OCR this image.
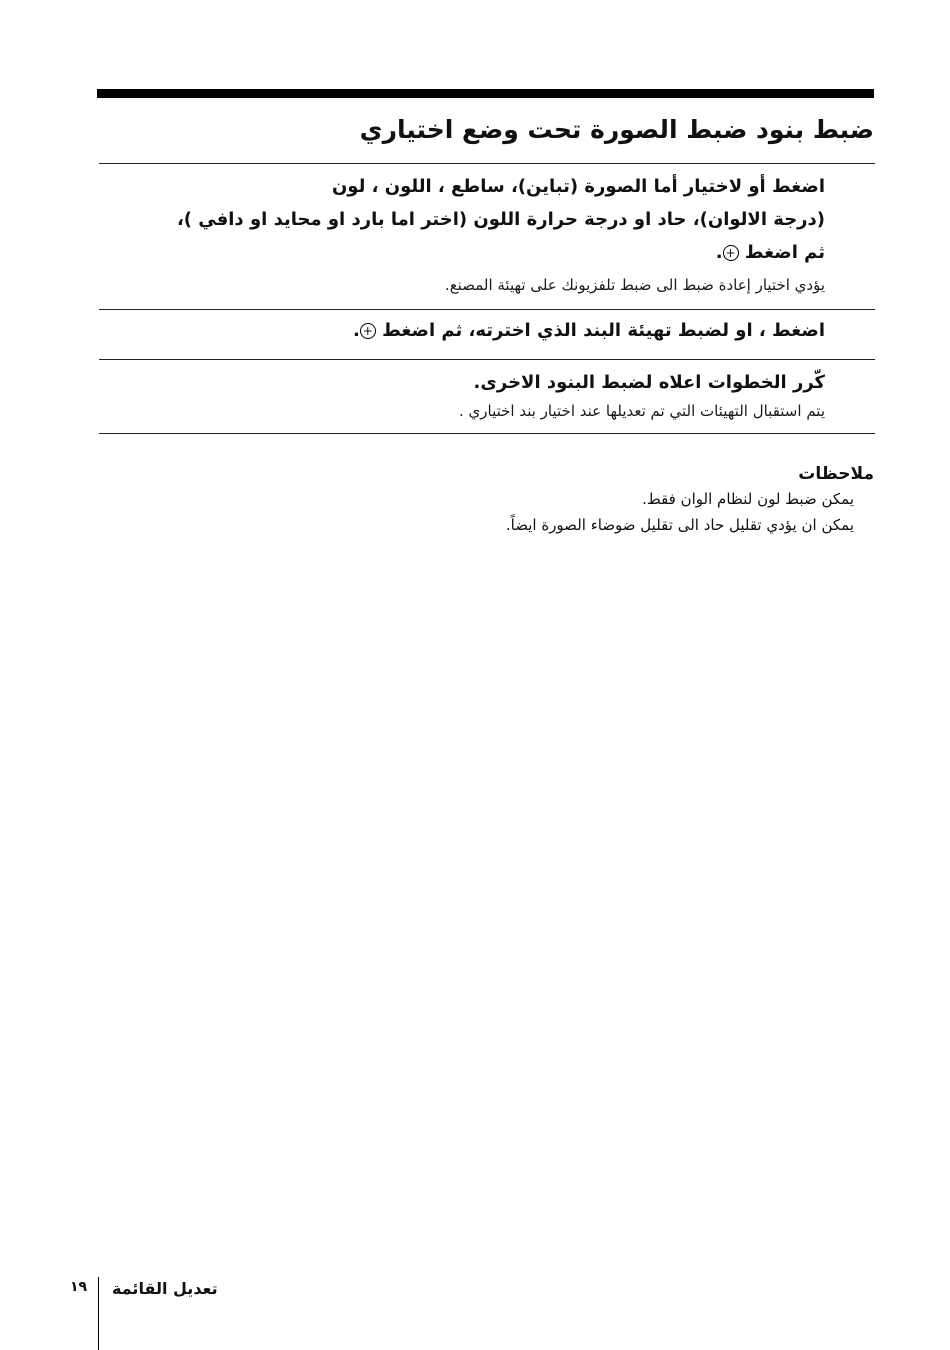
ضبط بنود ضبط الصورة تحت وضع اختياري
اضغط أو لاختيار أما الصورة (تباين)، ساطع ، اللون ، لون
(درجة الالوان)، حاد او درجة حرارة اللون (اختر اما بارد او محايد او دافي )،
ثم اضغط +.
يؤدي اختيار إعادة ضبط الى ضبط تلفزيونك على تهيئة المصنع.
اضغط ، او لضبط تهيئة البند الذي اخترته، ثم اضغط +.
كّرر الخطوات اعلاه لضبط البنود الاخرى.
يتم استقبال التهيئات التي تم تعديلها عند اختيار بند اختياري .
ملاحظات
يمكن ضبط لون لنظام الوان فقط.
يمكن ان يؤدي تقليل حاد الى تقليل ضوضاء الصورة ايضاً.
تعديل القائمة
١٩
